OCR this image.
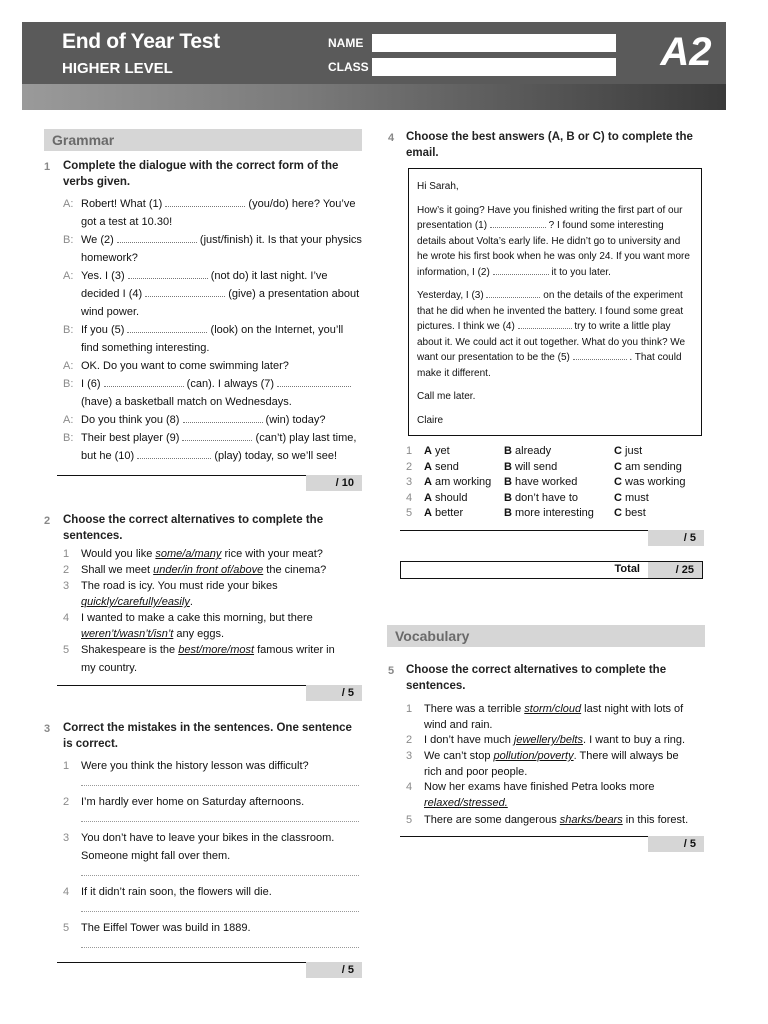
End of Year Test
HIGHER LEVEL
NAME
CLASS	A2
Grammar
1 Complete the dialogue with the correct form of the verbs given.
A: Robert! What (1)	(you/do) here? You’ve
got a test at 10.30!
B: We (2)	(just/finish) it. Is that your physics
homework?
A: Yes. I (3)	(not do) it last night. I’ve
decided I (4)	(give) a presentation about
wind power.
B: If you (5)	(look) on the Internet, you’ll
find something interesting.
A: OK. Do you want to come swimming later?
B: I (6)	(can). I always (7)
(have) a basketball match on Wednesdays.
A: Do you think you (8)	(win) today?
B: Their best player (9)	(can’t) play last time,
but he (10)	(play) today, so we’ll see!
/ 10
2 Choose the correct alternatives to complete the sentences.
1 Would you like some/a/many rice with your meat?
2 Shall we meet under/in front of/above the cinema?
3 The road is icy. You must ride your bikes
quickly/carefully/easily.
4 I wanted to make a cake this morning, but there
weren’t/wasn’t/isn’t any eggs.
5 Shakespeare is the best/more/most famous writer in
my country.
/ 5
3 Correct the mistakes in the sentences. One sentence is correct.
1 Were you think the history lesson was difficult?
2 I’m hardly ever home on Saturday afternoons.
3 You don’t have to leave your bikes in the classroom.
Someone might fall over them.
4 If it didn’t rain soon, the flowers will die.
5 The Eiffel Tower was build in 1889.
/ 5
4 Choose the best answers (A, B or C) to complete the email.

Hi Sarah,

How’s it going? Have you finished writing the first part of our presentation (1)	? I found some interesting details about Volta’s early life. He didn’t go to university and he wrote his first book when he was only 24. If you want more information, I (2)	it to you later.

Yesterday, I (3)	on the details of the experiment that he did when he invented the battery. I found some great pictures. I think we (4)	try to write a little play about it. We could act it out together. What do you think? We want our presentation to be the (5)	. That could make it different.

Call me later.

Claire

1 A yet	B already	C just
2 A send	B will send	C am sending
3 A am working B have worked	C was working
4 A should	B don’t have to	C must
5 A better	B more interesting C best
/ 5
Total	/ 25
Vocabulary
5 Choose the correct alternatives to complete the sentences.
1 There was a terrible storm/cloud last night with lots of
wind and rain.
2 I don’t have much jewellery/belts. I want to buy a ring.
3 We can’t stop pollution/poverty. There will always be
rich and poor people.
4 Now her exams have finished Petra looks more
relaxed/stressed.
5 There are some dangerous sharks/bears in this forest.
/ 5
